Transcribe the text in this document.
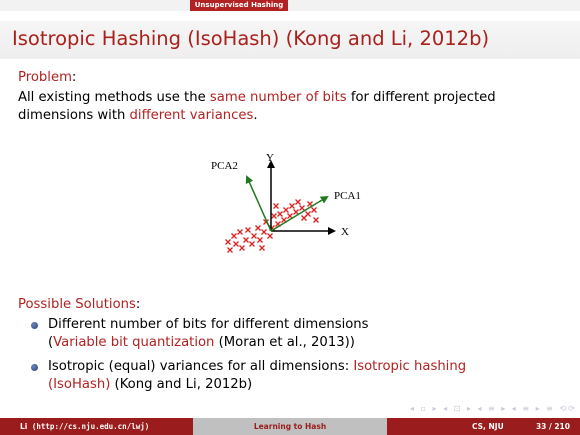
Unsupervised Hashing
Isotropic Hashing (IsoHash) (Kong and Li, 2012b)
Problem:
All existing methods use the same number of bits for different projected dimensions with different variances.
Y
X
PCA1
PCA2
Possible Solutions:
Different number of bits for different dimensions
(Variable bit quantization (Moran et al., 2013))
Isotropic (equal) variances for all dimensions: Isotropic hashing
(IsoHash) (Kong and Li, 2012b)
◂ ▫ ▸ ◂ ⊡ ▸ ◂ ≡ ▸ ◂ ≡ ▸ ≡ ⟲⟳
Li (http://cs.nju.edu.cn/lwj)	Learning to Hash	CS, NJU	33 / 210
